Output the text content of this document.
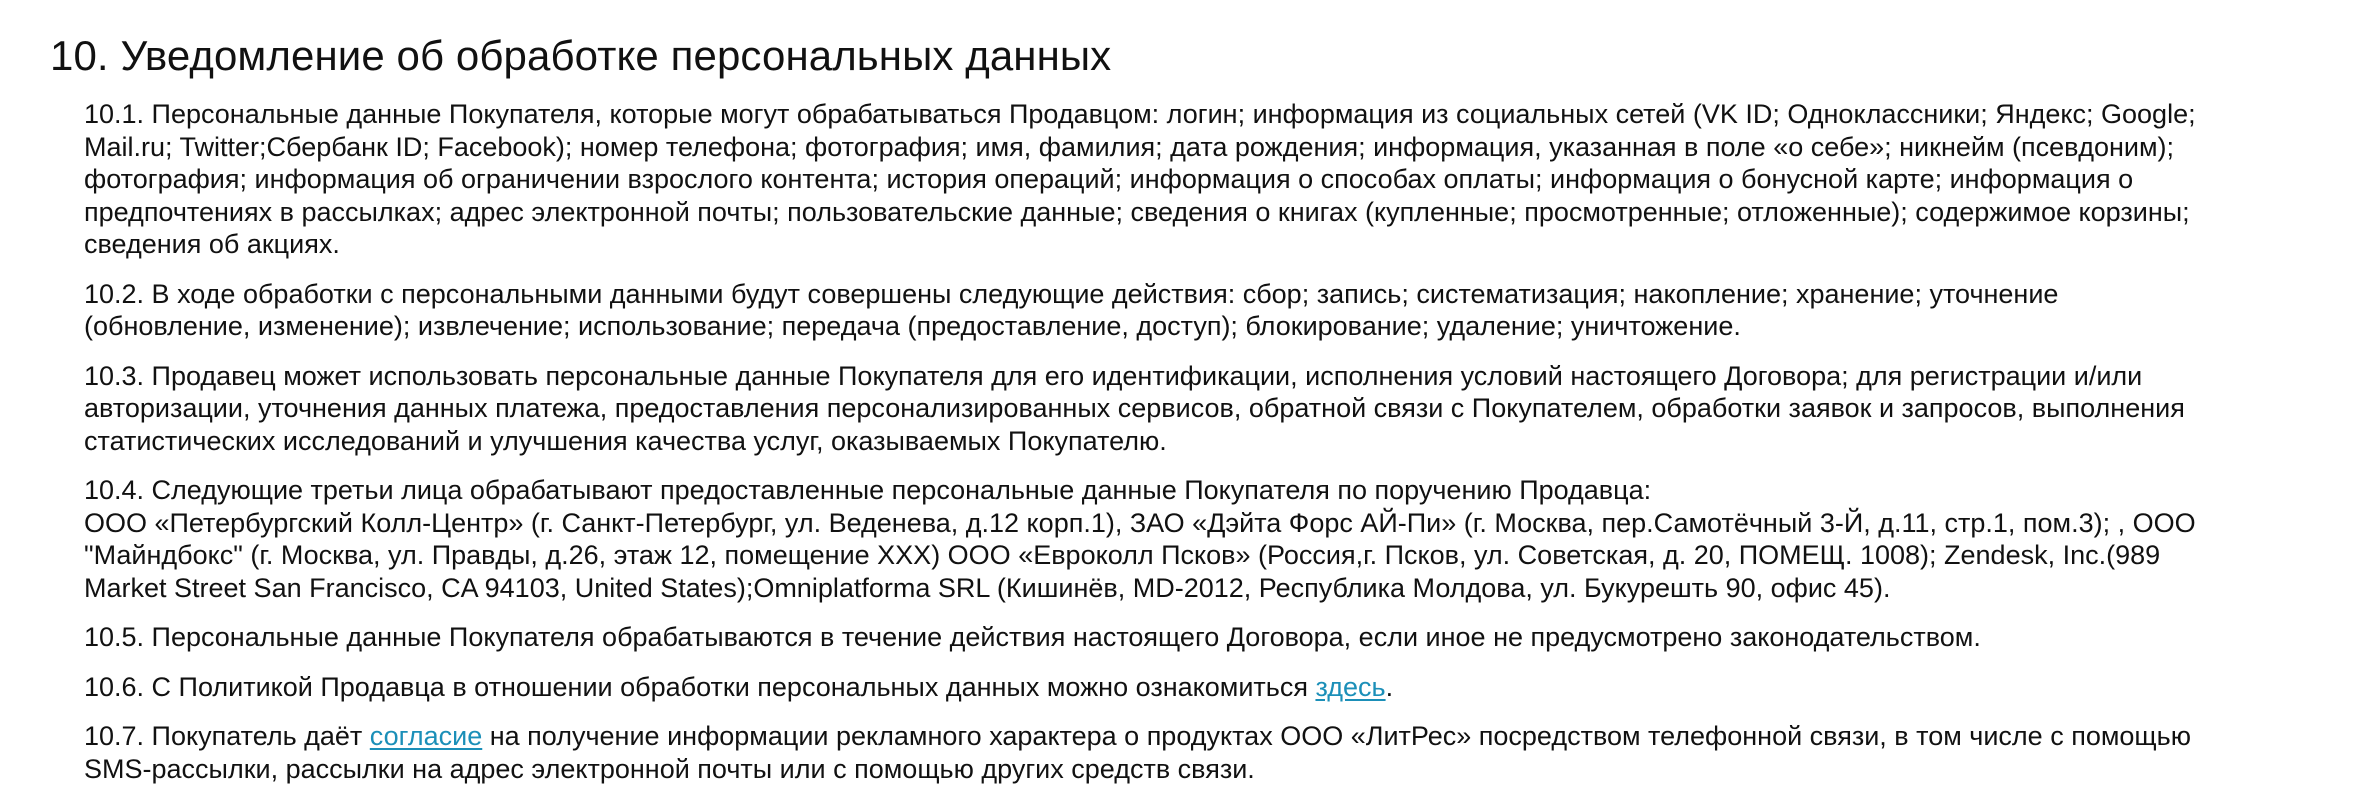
10. Уведомление об обработке персональных данных

10.1. Персональные данные Покупателя, которые могут обрабатываться Продавцом: логин; информация из социальных сетей (VK ID; Одноклассники; Яндекс; Google;
Mail.ru; Twitter;Сбербанк ID; Facebook); номер телефона; фотография; имя, фамилия; дата рождения; информация, указанная в поле «о себе»; никнейм (псевдоним);
фотография; информация об ограничении взрослого контента; история операций; информация о способах оплаты; информация о бонусной карте; информация о
предпочтениях в рассылках; адрес электронной почты; пользовательские данные; сведения о книгах (купленные; просмотренные; отложенные); содержимое корзины;
сведения об акциях.

10.2. В ходе обработки с персональными данными будут совершены следующие действия: сбор; запись; систематизация; накопление; хранение; уточнение
(обновление, изменение); извлечение; использование; передача (предоставление, доступ); блокирование; удаление; уничтожение.

10.3. Продавец может использовать персональные данные Покупателя для его идентификации, исполнения условий настоящего Договора; для регистрации и/или
авторизации, уточнения данных платежа, предоставления персонализированных сервисов, обратной связи с Покупателем, обработки заявок и запросов, выполнения
статистических исследований и улучшения качества услуг, оказываемых Покупателю.

10.4. Следующие третьи лица обрабатывают предоставленные персональные данные Покупателя по поручению Продавца:
ООО «Петербургский Колл-Центр» (г. Санкт-Петербург, ул. Веденева, д.12 корп.1), ЗАО «Дэйта Форс АЙ-Пи» (г. Москва, пер.Самотёчный 3-Й, д.11, стр.1, пом.3); , ООО
"Майндбокс" (г. Москва, ул. Правды, д.26, этаж 12, помещение XXX) ООО «Евроколл Псков» (Россия,г. Псков, ул. Советская, д. 20, ПОМЕЩ. 1008); Zendesk, Inc.(989
Market Street San Francisco, CA 94103, United States);Omniplatforma SRL (Кишинёв, MD-2012, Республика Молдова, ул. Букурешть 90, офис 45).

10.5. Персональные данные Покупателя обрабатываются в течение действия настоящего Договора, если иное не предусмотрено законодательством.

10.6. С Политикой Продавца в отношении обработки персональных данных можно ознакомиться здесь.

10.7. Покупатель даёт согласие на получение информации рекламного характера о продуктах ООО «ЛитРес» посредством телефонной связи, в том числе с помощью
SMS-рассылки, рассылки на адрес электронной почты или с помощью других средств связи.
